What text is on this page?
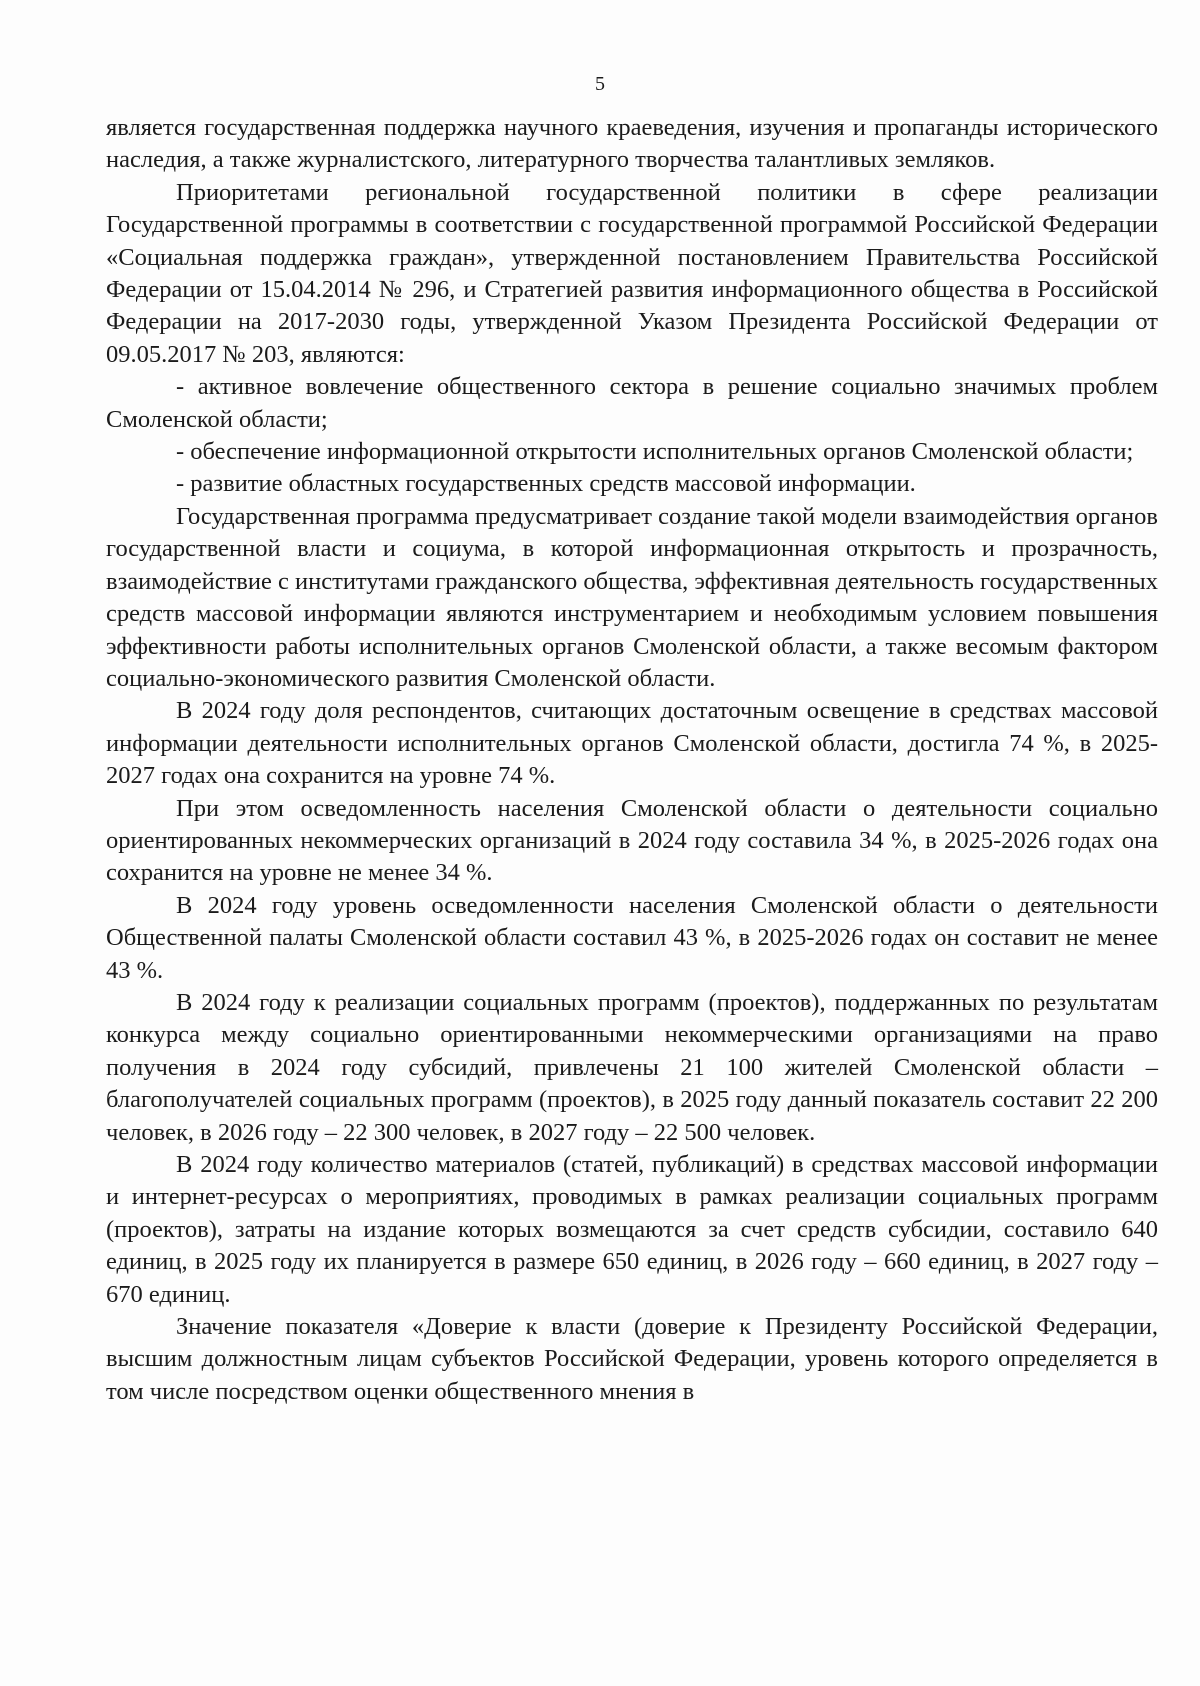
5

является государственная поддержка научного краеведения, изучения и пропаганды исторического наследия, а также журналистского, литературного творчества талантливых земляков.

Приоритетами региональной государственной политики в сфере реализации Государственной программы в соответствии с государственной программой Российской Федерации «Социальная поддержка граждан», утвержденной постановлением Правительства Российской Федерации от 15.04.2014 № 296, и Стратегией развития информационного общества в Российской Федерации на 2017-2030 годы, утвержденной Указом Президента Российской Федерации от 09.05.2017 № 203, являются:

- активное вовлечение общественного сектора в решение социально значимых проблем Смоленской области;

- обеспечение информационной открытости исполнительных органов Смоленской области;

- развитие областных государственных средств массовой информации.

Государственная программа предусматривает создание такой модели взаимодействия органов государственной власти и социума, в которой информационная открытость и прозрачность, взаимодействие с институтами гражданского общества, эффективная деятельность государственных средств массовой информации являются инструментарием и необходимым условием повышения эффективности работы исполнительных органов Смоленской области, а также весомым фактором социально-экономического развития Смоленской области.

В 2024 году доля респондентов, считающих достаточным освещение в средствах массовой информации деятельности исполнительных органов Смоленской области, достигла 74 %, в 2025-2027 годах она сохранится на уровне 74 %.

При этом осведомленность населения Смоленской области о деятельности социально ориентированных некоммерческих организаций в 2024 году составила 34 %, в 2025-2026 годах она сохранится на уровне не менее 34 %.

В 2024 году уровень осведомленности населения Смоленской области о деятельности Общественной палаты Смоленской области составил 43 %, в 2025-2026 годах он составит не менее 43 %.

В 2024 году к реализации социальных программ (проектов), поддержанных по результатам конкурса между социально ориентированными некоммерческими организациями на право получения в 2024 году субсидий, привлечены 21 100 жителей Смоленской области – благополучателей социальных программ (проектов), в 2025 году данный показатель составит 22 200 человек, в 2026 году – 22 300 человек, в 2027 году – 22 500 человек.

В 2024 году количество материалов (статей, публикаций) в средствах массовой информации и интернет-ресурсах о мероприятиях, проводимых в рамках реализации социальных программ (проектов), затраты на издание которых возмещаются за счет средств субсидии, составило 640 единиц, в 2025 году их планируется в размере 650 единиц, в 2026 году – 660 единиц, в 2027 году – 670 единиц.

Значение показателя «Доверие к власти (доверие к Президенту Российской Федерации, высшим должностным лицам субъектов Российской Федерации, уровень которого определяется в том числе посредством оценки общественного мнения в
